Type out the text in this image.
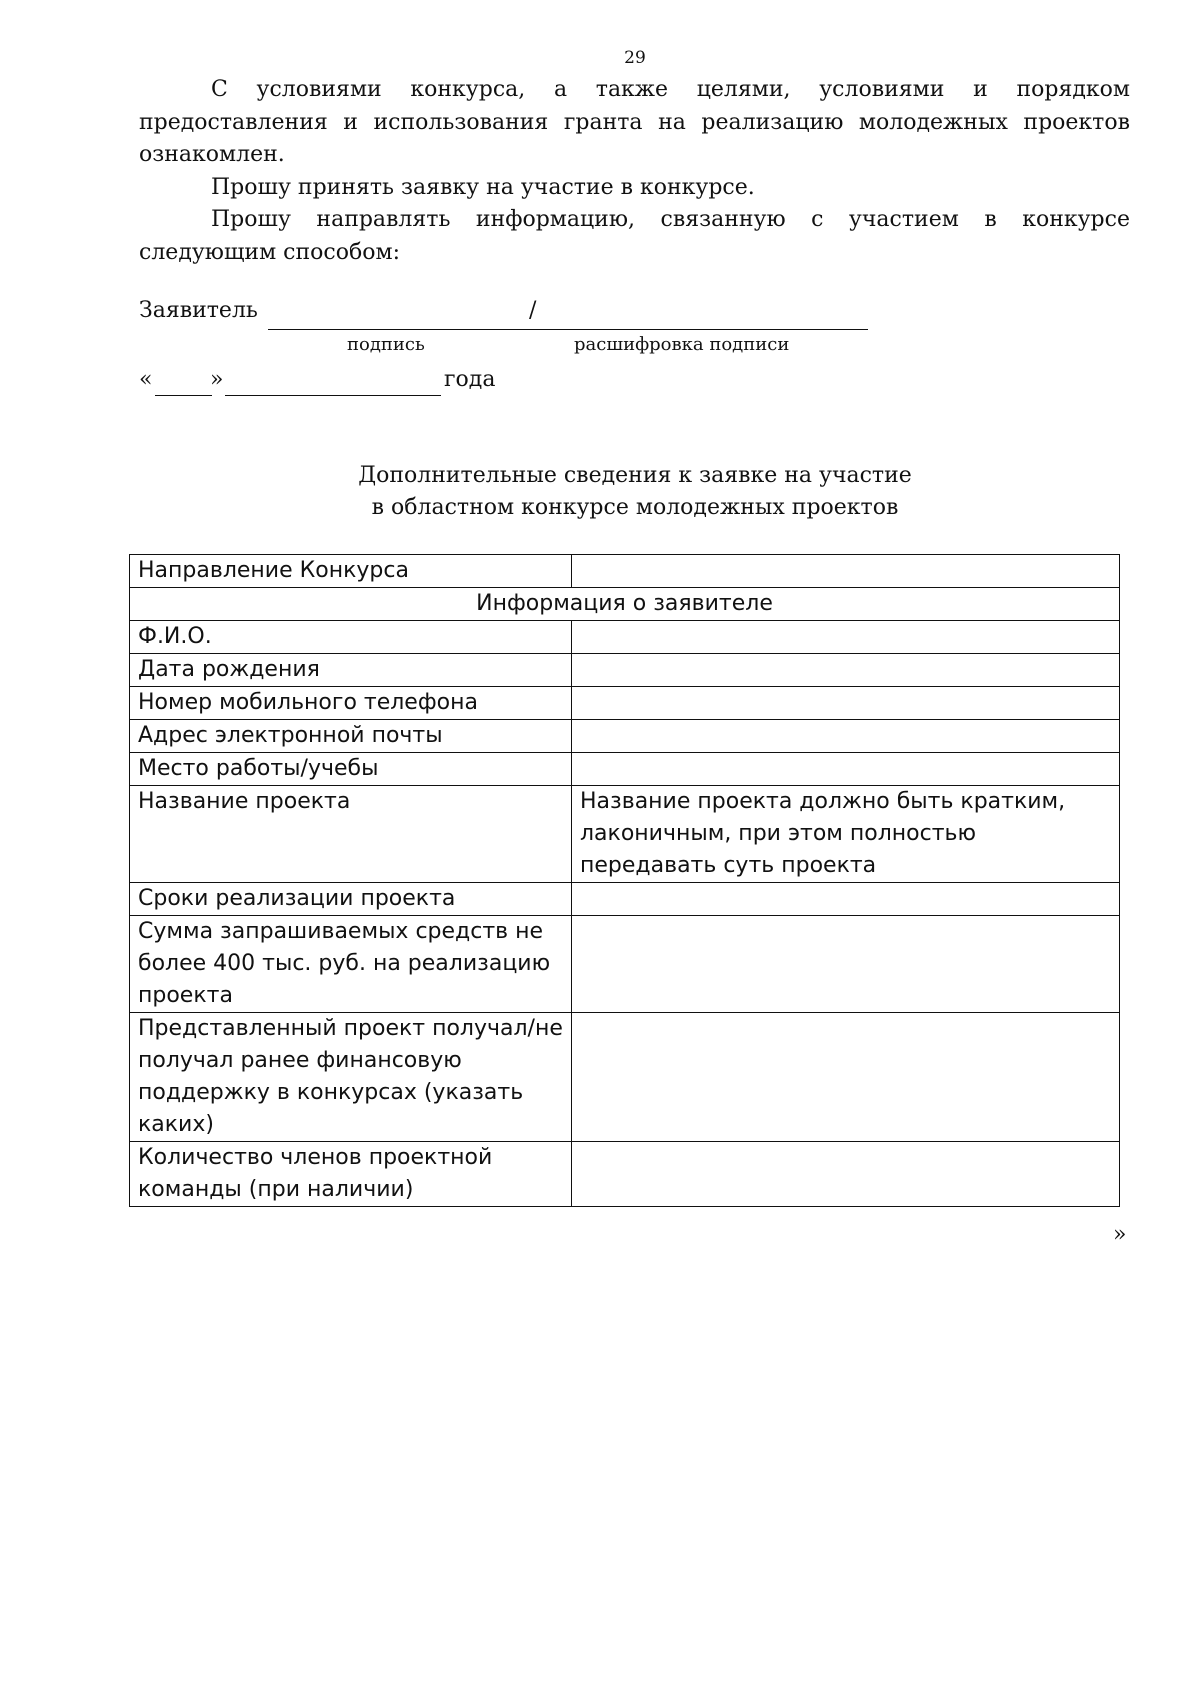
29

С условиями конкурса, а также целями, условиями и порядком предоставления и использования гранта на реализацию молодежных проектов ознакомлен.

Прошу принять заявку на участие в конкурсе.

Прошу направлять информацию, связанную с участием в конкурсе следующим способом:

Заявитель	/
подпись	расшифровка подписи
«	»	года
Дополнительные сведения к заявке на участие
в областном конкурсе молодежных проектов
Направление Конкурса	
Информация о заявителе	
Ф.И.О.	
Дата рождения	
Номер мобильного телефона	
Адрес электронной почты	
Место работы/учебы	
Название проекта	Название проекта должно быть кратким, лаконичным, при этом полностью передавать суть проекта
Сроки реализации проекта	
Сумма запрашиваемых средств не более 400 тыс. руб. на реализацию проекта	
Представленный проект получал/не получал ранее финансовую поддержку в конкурсах (указать каких)	
Количество членов проектной команды (при наличии)	
»
